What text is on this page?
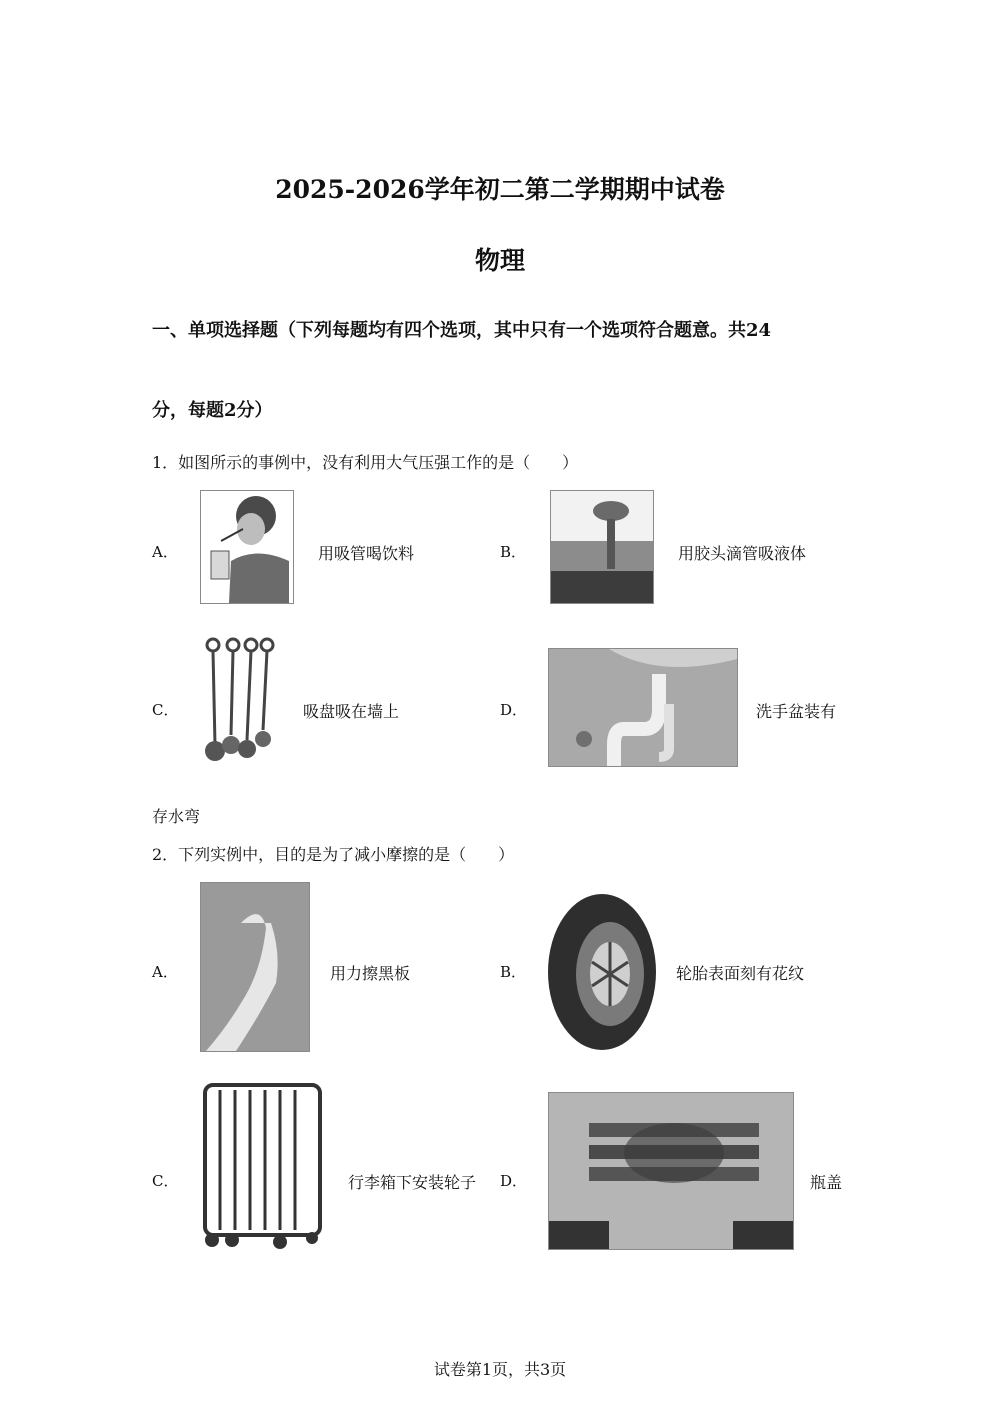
2025-2026学年初二第二学期期中试卷
物理
一、单项选择题（下列每题均有四个选项，其中只有一个选项符合题意。共24
分，每题2分）
1．如图所示的事例中，没有利用大气压强工作的是（　　）
A．	用吸管喝饮料	B．	用胶头滴管吸液体
C．	吸盘吸在墙上	D．	洗手盆装有
存水弯
2．下列实例中，目的是为了减小摩擦的是（　　）
A．	用力擦黑板	B．	轮胎表面刻有花纹
C．	行李箱下安装轮子 D．	瓶盖
试卷第1页，共3页
